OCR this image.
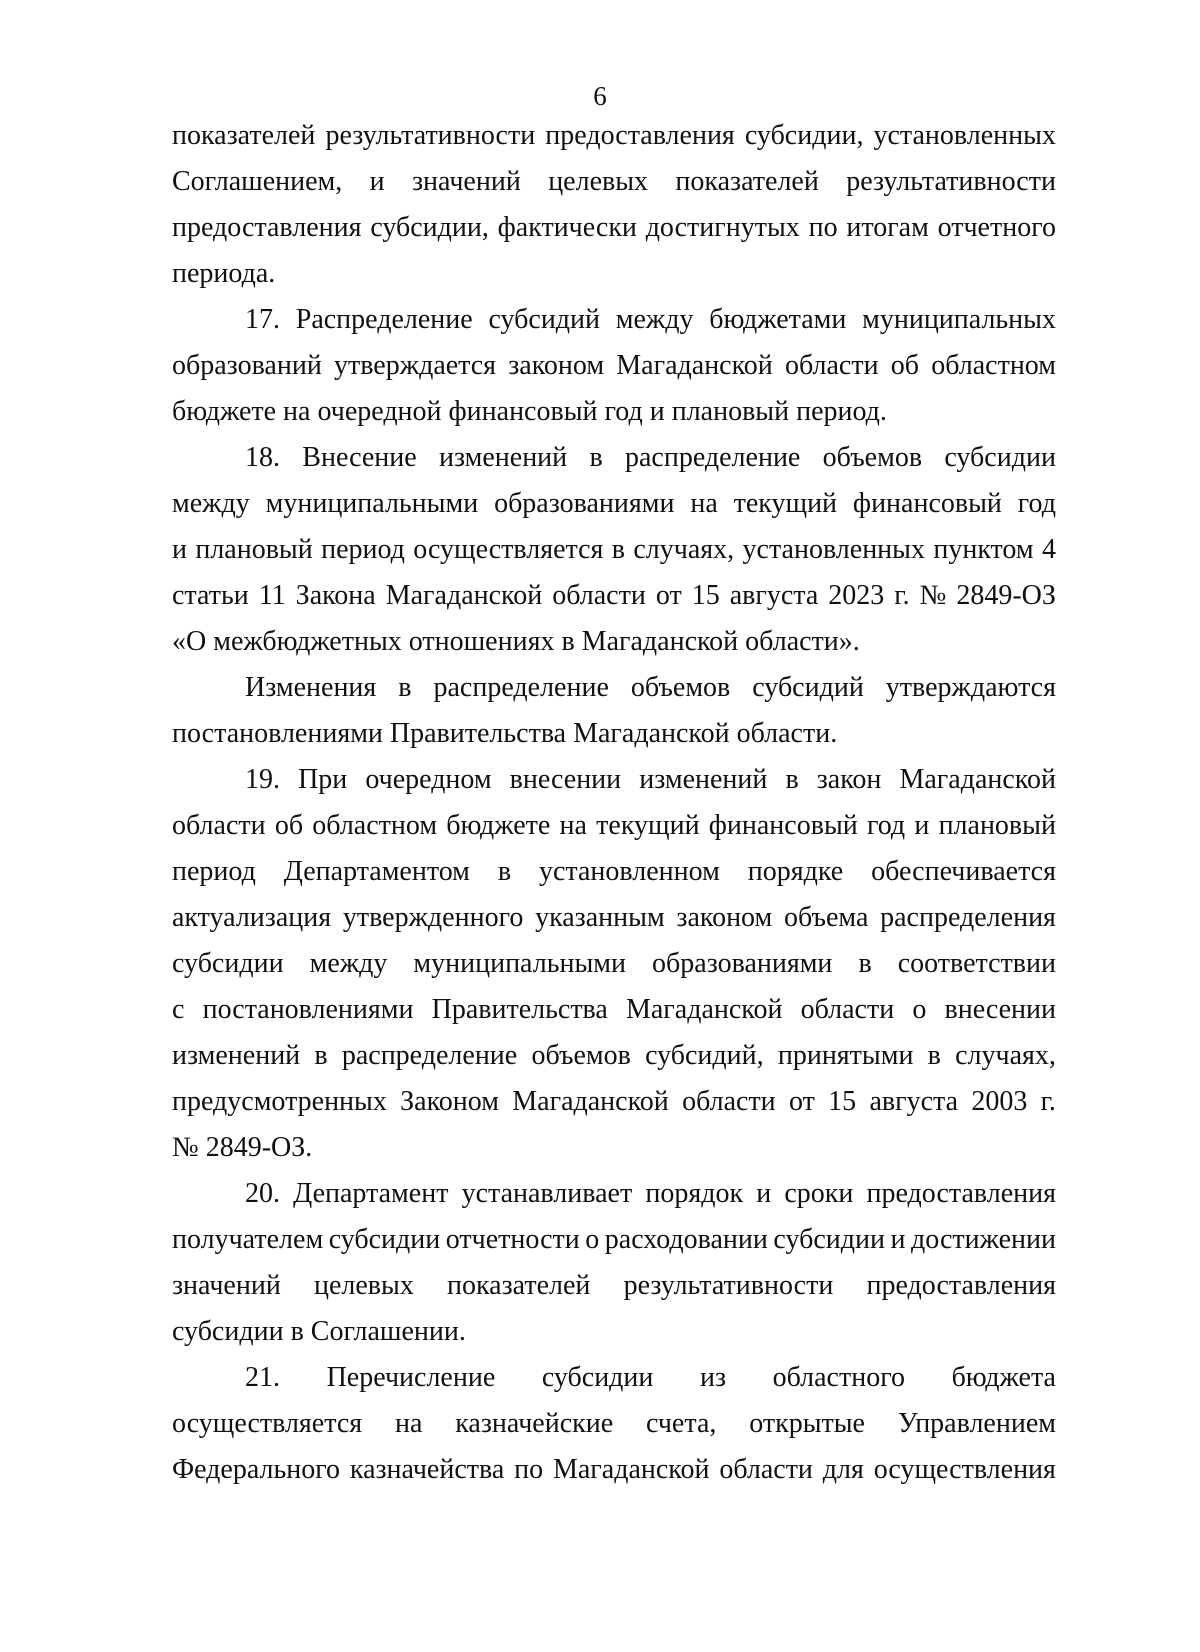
6
показателей результативности предоставления субсидии, установленных
Соглашением, и значений целевых показателей результативности
предоставления субсидии, фактически достигнутых по итогам отчетного
периода.
17. Распределение субсидий между бюджетами муниципальных
образований утверждается законом Магаданской области об областном
бюджете на очередной финансовый год и плановый период.
18. Внесение изменений в распределение объемов субсидии
между муниципальными образованиями на текущий финансовый год
и плановый период осуществляется в случаях, установленных пунктом 4
статьи 11 Закона Магаданской области от 15 августа 2023 г. № 2849-ОЗ
«О межбюджетных отношениях в Магаданской области».
Изменения в распределение объемов субсидий утверждаются
постановлениями Правительства Магаданской области.
19. При очередном внесении изменений в закон Магаданской
области об областном бюджете на текущий финансовый год и плановый
период Департаментом в установленном порядке обеспечивается
актуализация утвержденного указанным законом объема распределения
субсидии между муниципальными образованиями в соответствии
с постановлениями Правительства Магаданской области о внесении
изменений в распределение объемов субсидий, принятыми в случаях,
предусмотренных Законом Магаданской области от 15 августа 2003 г.
№ 2849-ОЗ.
20. Департамент устанавливает порядок и сроки предоставления
получателем субсидии отчетности о расходовании субсидии и достижении
значений целевых показателей результативности предоставления
субсидии в Соглашении.
21. Перечисление субсидии из областного бюджета
осуществляется на казначейские счета, открытые Управлением
Федерального казначейства по Магаданской области для осуществления
